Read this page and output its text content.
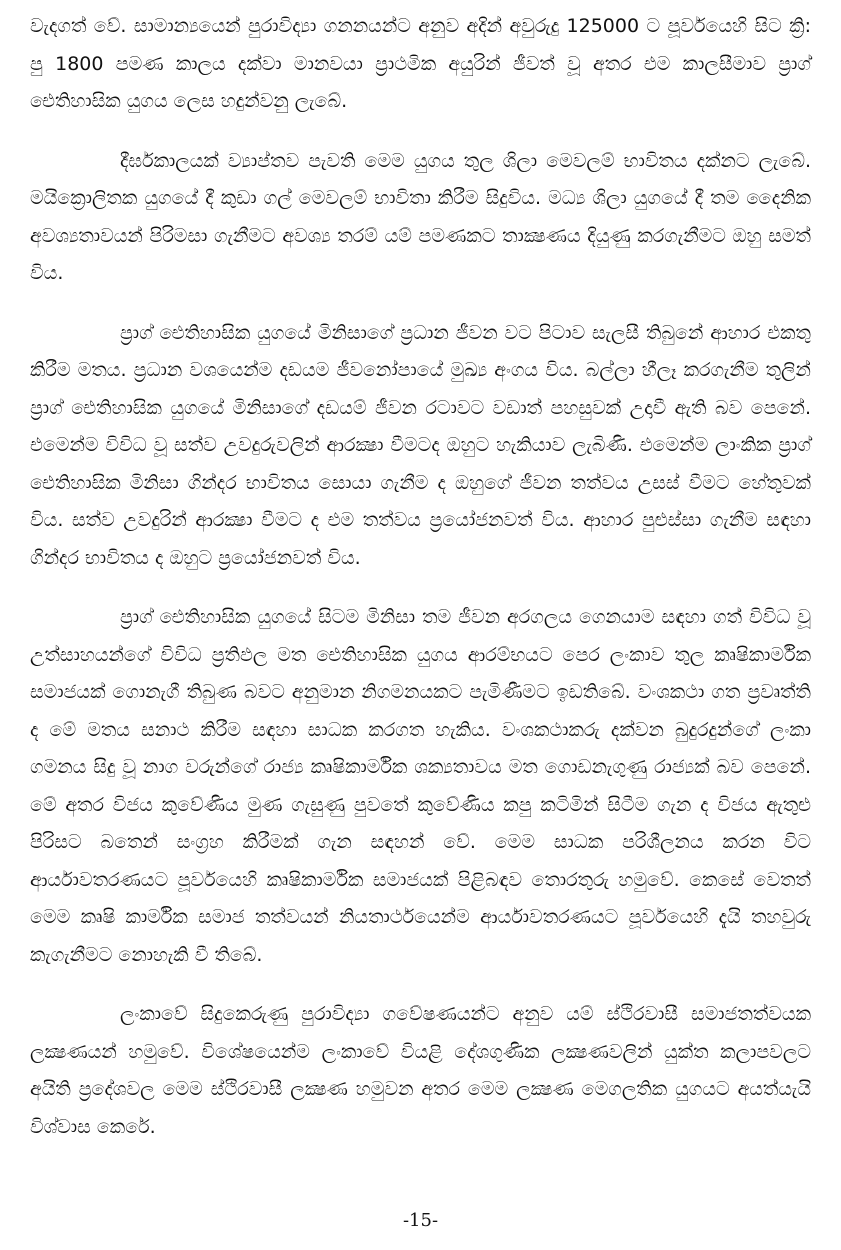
වැදගත් වේ. සාමාන්‍යයෙන් පුරාවිද්‍යා ගනනයන්ට අනුව අදින් අවුරුදු 125000 ට පූර්වයෙහි සිට ක්‍රි: පු 1800 පමණ කාලය දක්වා මානවයා ප්‍රාථමික අයුරින් ජීවත් වූ අතර එම කාලසීමාව ප්‍රාග් ඓතිහාසික යුගය ලෙස හදුන්වනු ලැබේ.

දීර්ඝකාලයක් ව්‍යාප්තව පැවති මෙම යුගය තුල ශිලා මෙවලම් භාවිතය දක්නට ලැබේ. මයික්‍රොලිතක යුගයේ දී කුඩා ගල් මෙවලම් භාවිතා කිරීම සිදුවිය. මධ්‍ය ශිලා යුගයේ දී තම දෛනික අවශ්‍යතාවයන් පිරිමසා ගැනීමට අවශ්‍ය තරම් යම් පමණකට තාක්‍ෂණය දියුණු කරගැනීමට ඔහු සමත් විය.

ප්‍රාග් ඓතිහාසික යුගයේ මිනිසාගේ ප්‍රධාන ජීවන වට පිටාව සැලසී තිබුනේ ආහාර එකතු කිරීම මතය. ප්‍රධාන වශයෙන්ම දඩයම ජීවනෝපායේ මුඛ්‍ය අංගය විය. බල්ලා හීලෑ කරගැනීම තුලින් ප්‍රාග් ඓතිහාසික යුගයේ මිනිසාගේ දඩයම් ජීවන රටාවට වඩාත් පහසුවක් උදාවී ඇති බව පෙනේ. එමෙන්ම විවිධ වූ සත්ව උවදුරුවලින් ආරක්‍ෂා වීමටද ඔහුට හැකියාව ලැබිණි. එමෙන්ම ලාංකික ප්‍රාග් ඓතිහාසික මිනිසා ගින්දර භාවිතය සොයා ගැනීම ද ඔහුගේ ජීවන තත්වය උසස් වීමට හේතුවක් විය. සත්ව උවදුරින් ආරක්‍ෂා වීමට ද එම තත්වය ප්‍රයෝජනවත් විය. ආහාර පුළුස්සා ගැනීම සඳහා ගින්දර භාවිතය ද ඔහුට ප්‍රයෝජනවත් විය.

ප්‍රාග් ඓතිහාසික යුගයේ සිටම මිනිසා තම ජීවන අරගලය ගෙනයාම සඳහා ගත් විවිධ වූ උත්සාහයන්ගේ විවිධ ප්‍රතිඵල මත ඓතිහාසික යුගය ආරම්භයට පෙර ලංකාව තුල කෘෂිකාර්මික සමාජයක් ගොනැගී තිබුණ බවට අනුමාන නිගමනයකට පැමිණීමට ඉඩතිබේ. වංශකථා ගත ප්‍රවෘත්ති ද මේ මතය සනාථ කිරීම සඳහා සාධක කරගත හැකිය. වංශකථාකරු දක්වන බුදුරදුන්ගේ ලංකා ගමනය සිදු වූ නාග වරුන්ගේ රාජ්‍ය කෘෂිකාර්මික ශක්‍යතාවය මත ගොඩනැගුණු රාජ්‍යක් බව පෙනේ. මේ අතර විජය කුවේණිය මුණ ගැසුණු පුවතේ කුවේණිය කපු කටිමින් සිටීම ගැන ද විජය ඇතුළු පිරිසට බතෙන් සංග්‍රහ කිරීමක් ගැන සඳහන් වේ. මෙම සාධක පරිශීලනය කරන විට ආර්යාවතරණයට පූර්වයෙහි කෘෂිකාර්මික සමාජයක් පිළිබඳව තොරතුරු හමුවේ. කෙසේ වෙතත් මෙම කෘෂි කාර්මික සමාජ තත්වයන් නියතාර්ථයෙන්ම ආර්යාවතරණයට පූර්වයෙහි දැයි තහවුරු කැගැනීමට නොහැකි වී තිබේ.

ලංකාවේ සිදුකෙරුණු පුරාවිද්‍යා ගවේෂණයන්ට අනුව යම් ස්ථිරවාසී සමාජතත්වයක ලක්‍ෂණයන් හමුවේ. විශේෂයෙන්ම ලංකාවේ වියළි දේශගුණික ලක්‍ෂණවලින් යුක්ත කලාපවලට අයිති ප්‍රදේශවල මෙම ස්ථිරවාසී ලක්‍ෂණ හමුවන අතර මෙම ලක්‍ෂණ මෙගලතික යුගයට අයත්යැයි විශ්වාස කෙරේ.

-15-
